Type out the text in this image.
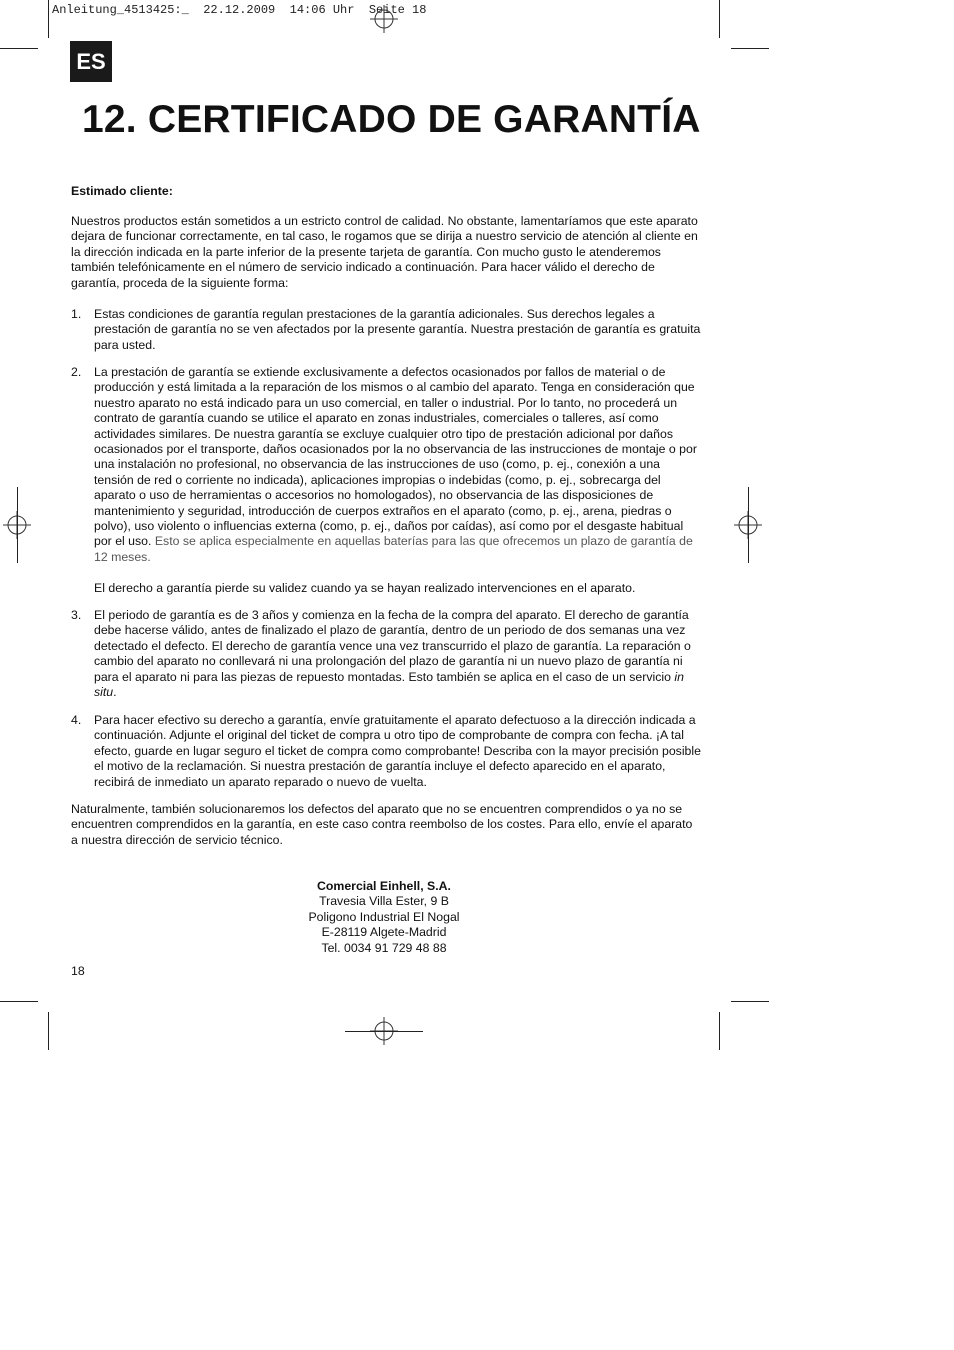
Anleitung_4513425:_  22.12.2009  14:06 Uhr  Seite 18
ES
12. CERTIFICADO DE GARANTÍA
Estimado cliente:
Nuestros productos están sometidos a un estricto control de calidad. No obstante, lamentaríamos que este aparato dejara de funcionar correctamente, en tal caso, le rogamos que se dirija a nuestro servicio de atención al cliente en la dirección indicada en la parte inferior de la presente tarjeta de garantía. Con mucho gusto le atenderemos también telefónicamente en el número de servicio indicado a continuación. Para hacer válido el derecho de garantía, proceda de la siguiente forma:
1. Estas condiciones de garantía regulan prestaciones de la garantía adicionales. Sus derechos legales a prestación de garantía no se ven afectados por la presente garantía. Nuestra prestación de garantía es gratuita para usted.

2. La prestación de garantía se extiende exclusivamente a defectos ocasionados por fallos de material o de producción y está limitada a la reparación de los mismos o al cambio del aparato. Tenga en consideración que nuestro aparato no está indicado para un uso comercial, en taller o industrial. Por lo tanto, no procederá un contrato de garantía cuando se utilice el aparato en zonas industriales, comerciales o talleres, así como actividades similares. De nuestra garantía se excluye cualquier otro tipo de prestación adicional por daños ocasionados por el transporte, daños ocasionados por la no observancia de las instrucciones de montaje o por una instalación no profesional, no observancia de las instrucciones de uso (como, p. ej., conexión a una tensión de red o corriente no indicada), aplicaciones impropias o indebidas (como, p. ej., sobrecarga del aparato o uso de herramientas o accesorios no homologados), no observancia de las disposiciones de mantenimiento y seguridad, introducción de cuerpos extraños en el aparato (como, p. ej., arena, piedras o polvo), uso violento o influencias externa (como, p. ej., daños por caídas), así como por el desgaste habitual por el uso. Esto se aplica especialmente en aquellas baterías para las que ofrecemos un plazo de garantía de 12 meses.

El derecho a garantía pierde su validez cuando ya se hayan realizado intervenciones en el aparato.

3. El periodo de garantía es de 3 años y comienza en la fecha de la compra del aparato. El derecho de garantía debe hacerse válido, antes de finalizado el plazo de garantía, dentro de un periodo de dos semanas una vez detectado el defecto. El derecho de garantía vence una vez transcurrido el plazo de garantía. La reparación o cambio del aparato no conllevará ni una prolongación del plazo de garantía ni un nuevo plazo de garantía ni para el aparato ni para las piezas de repuesto montadas. Esto también se aplica en el caso de un servicio in situ.

4. Para hacer efectivo su derecho a garantía, envíe gratuitamente el aparato defectuoso a la dirección indicada a continuación. Adjunte el original del ticket de compra u otro tipo de comprobante de compra con fecha. ¡A tal efecto, guarde en lugar seguro el ticket de compra como comprobante! Describa con la mayor precisión posible el motivo de la reclamación. Si nuestra prestación de garantía incluye el defecto aparecido en el aparato, recibirá de inmediato un aparato reparado o nuevo de vuelta.

Naturalmente, también solucionaremos los defectos del aparato que no se encuentren comprendidos o ya no se encuentren comprendidos en la garantía, en este caso contra reembolso de los costes. Para ello, envíe el aparato a nuestra dirección de servicio técnico.
Comercial Einhell, S.A.
Travesia Villa Ester, 9 B
Poligono Industrial El Nogal
E-28119 Algete-Madrid
Tel. 0034 91 729 48 88
18
